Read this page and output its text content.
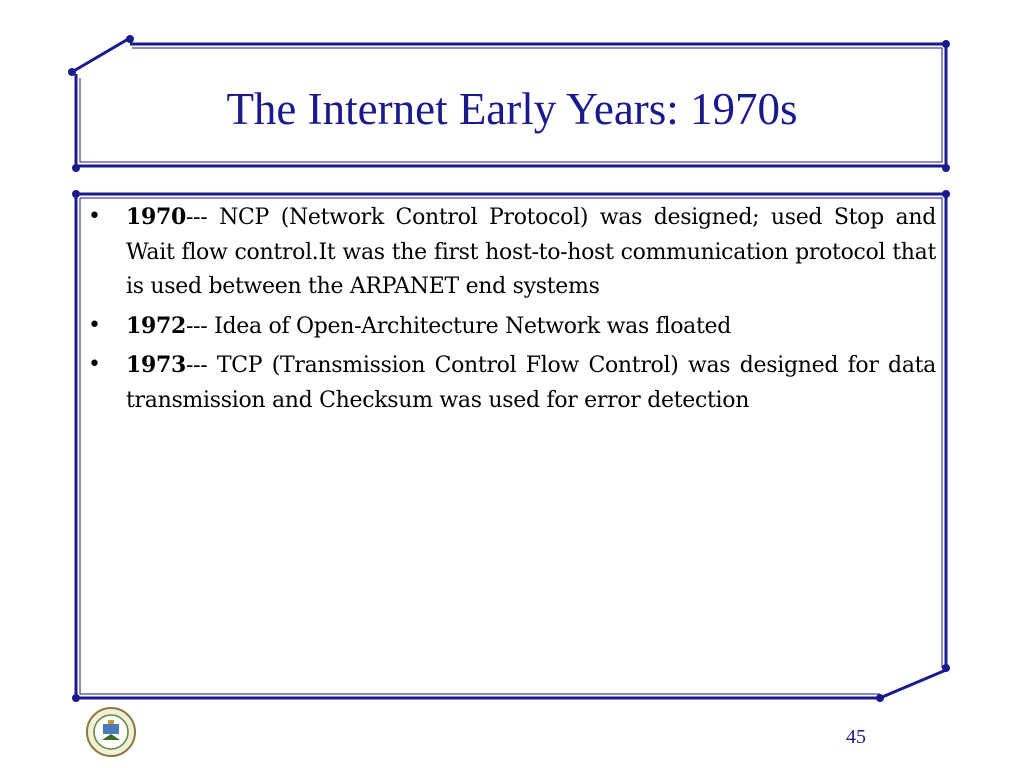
The Internet Early Years: 1970s
• 1970--- NCP (Network Control Protocol) was designed; used Stop and Wait flow control.It was the first host-to-host communication protocol that is used between the ARPANET end systems
• 1972--- Idea of Open-Architecture Network was floated
• 1973--- TCP (Transmission Control Flow Control) was designed for data transmission and Checksum was used for error detection
45
